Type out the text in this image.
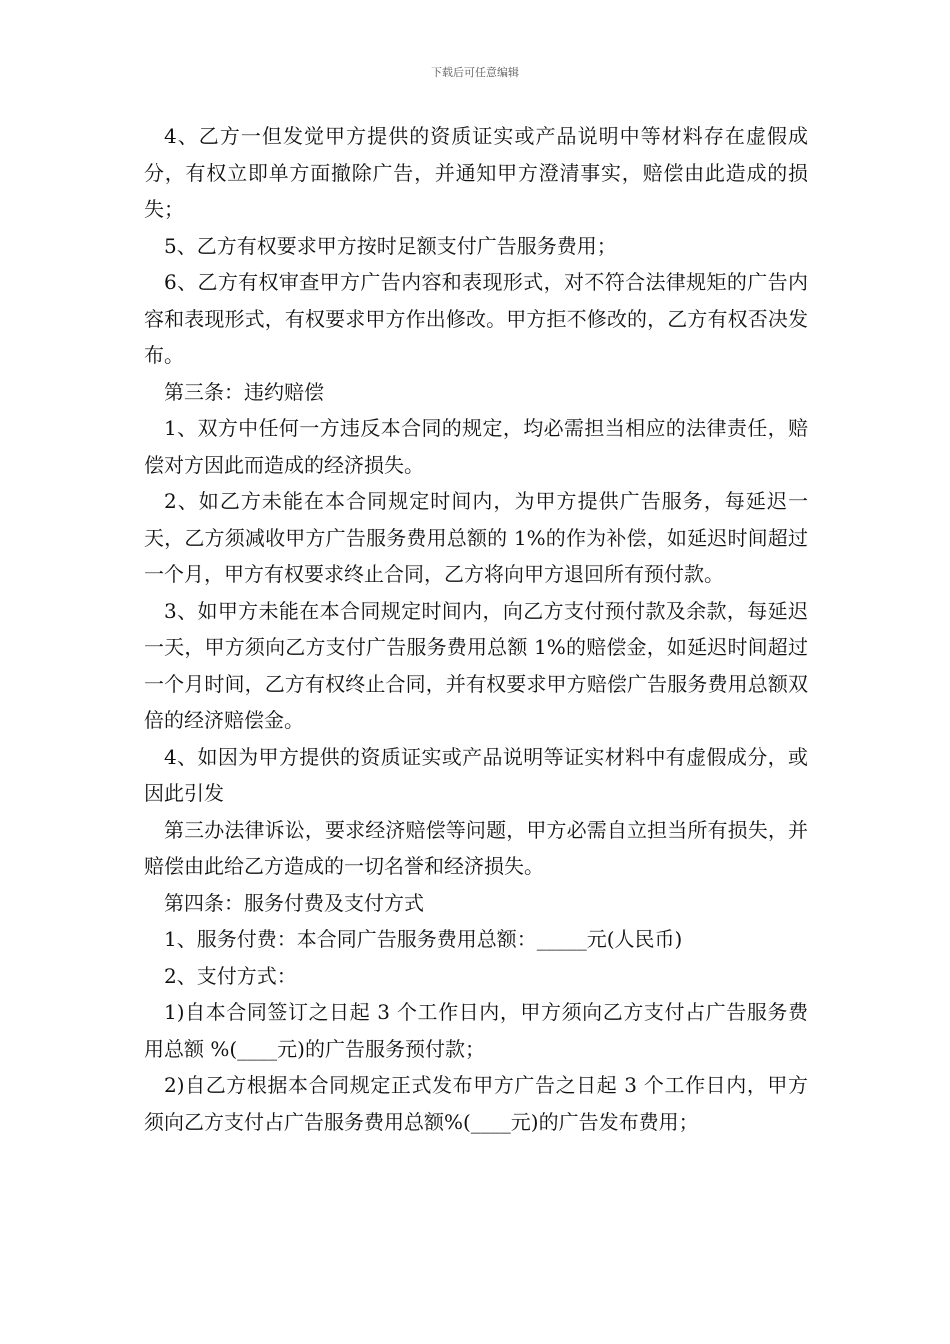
下载后可任意编辑

4、乙方一但发觉甲方提供的资质证实或产品说明中等材料存在虚假成分，有权立即单方面撤除广告，并通知甲方澄清事实，赔偿由此造成的损失；

5、乙方有权要求甲方按时足额支付广告服务费用；

6、乙方有权审查甲方广告内容和表现形式，对不符合法律规矩的广告内容和表现形式，有权要求甲方作出修改。甲方拒不修改的，乙方有权否决发布。

第三条：违约赔偿

1、双方中任何一方违反本合同的规定，均必需担当相应的法律责任，赔偿对方因此而造成的经济损失。

2、如乙方未能在本合同规定时间内，为甲方提供广告服务，每延迟一天，乙方须减收甲方广告服务费用总额的 1%的作为补偿，如延迟时间超过一个月，甲方有权要求终止合同，乙方将向甲方退回所有预付款。

3、如甲方未能在本合同规定时间内，向乙方支付预付款及余款，每延迟一天，甲方须向乙方支付广告服务费用总额 1%的赔偿金，如延迟时间超过一个月时间，乙方有权终止合同，并有权要求甲方赔偿广告服务费用总额双倍的经济赔偿金。

4、如因为甲方提供的资质证实或产品说明等证实材料中有虚假成分，或因此引发

第三办法律诉讼，要求经济赔偿等问题，甲方必需自立担当所有损失，并赔偿由此给乙方造成的一切名誉和经济损失。

第四条：服务付费及支付方式

1、服务付费：本合同广告服务费用总额：_____元(人民币)

2、支付方式：

1)自本合同签订之日起 3 个工作日内，甲方须向乙方支付占广告服务费用总额 %(____元)的广告服务预付款；

2)自乙方根据本合同规定正式发布甲方广告之日起 3 个工作日内，甲方须向乙方支付占广告服务费用总额%(____元)的广告发布费用；
